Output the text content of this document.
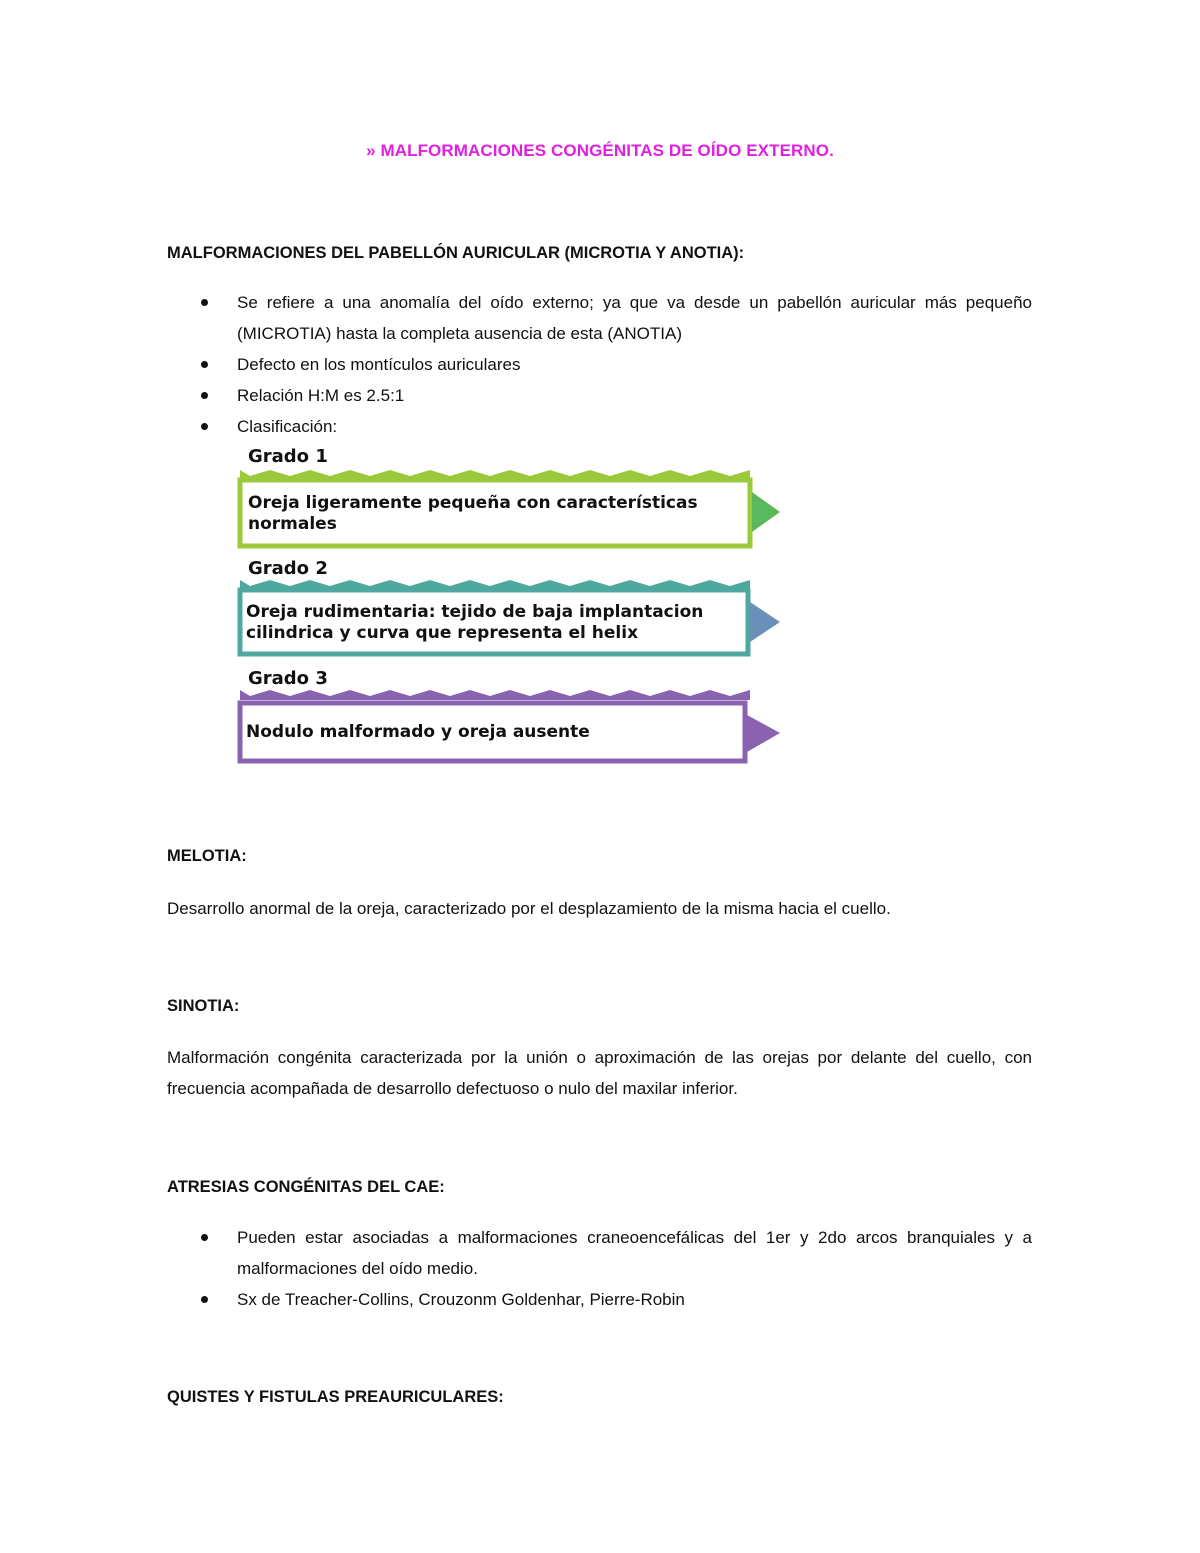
» MALFORMACIONES CONGÉNITAS DE OÍDO EXTERNO.
MALFORMACIONES DEL PABELLÓN AURICULAR (MICROTIA Y ANOTIA):
Se refiere a una anomalía del oído externo; ya que va desde un pabellón auricular más pequeño (MICROTIA) hasta la completa ausencia de esta (ANOTIA)
Defecto en los montículos auriculares
Relación H:M es 2.5:1
Clasificación:
Grado 1
Oreja ligeramente pequeña con características normales
Grado 2
Oreja rudimentaria: tejido de baja implantacion cilindrica y curva que representa el helix
Grado 3
Nodulo malformado y oreja ausente
MELOTIA:
Desarrollo anormal de la oreja, caracterizado por el desplazamiento de la misma hacia el cuello.
SINOTIA:
Malformación congénita caracterizada por la unión o aproximación de las orejas por delante del cuello, con frecuencia acompañada de desarrollo defectuoso o nulo del maxilar inferior.
ATRESIAS CONGÉNITAS DEL CAE:
Pueden estar asociadas a malformaciones craneoencefálicas del 1er y 2do arcos branquiales y a malformaciones del oído medio.
Sx de Treacher-Collins, Crouzonm Goldenhar, Pierre-Robin
QUISTES Y FISTULAS PREAURICULARES:
